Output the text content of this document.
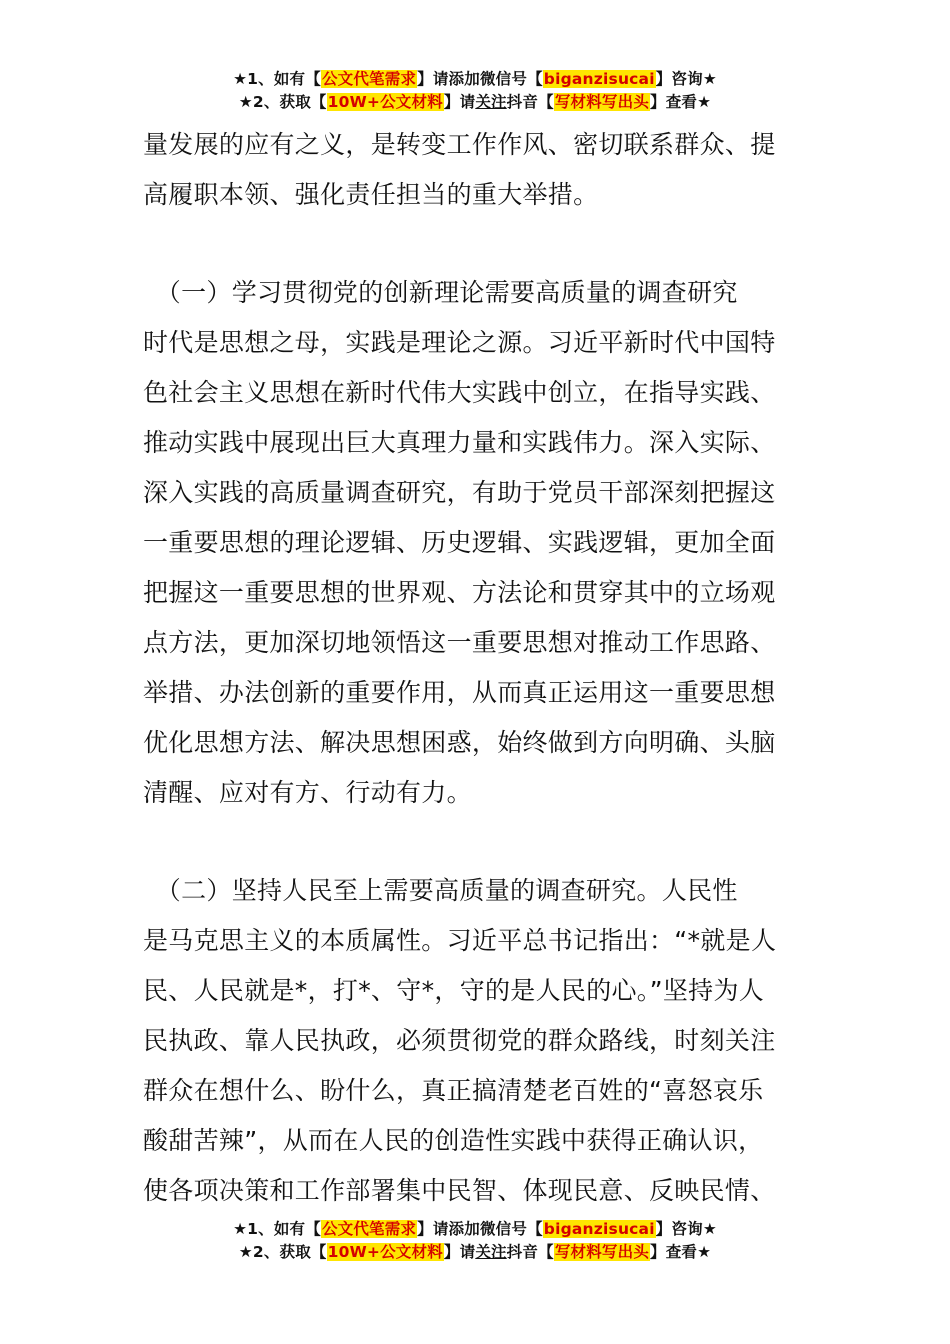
★1、如有【公文代笔需求】请添加微信号【biganzisucai】咨询★
★2、获取【10W+公文材料】请关注抖音【写材料写出头】查看★
量发展的应有之义，是转变工作作风、密切联系群众、提
高履职本领、强化责任担当的重大举措。
　（一）学习贯彻党的创新理论需要高质量的调查研究
时代是思想之母，实践是理论之源。习近平新时代中国特
色社会主义思想在新时代伟大实践中创立，在指导实践、
推动实践中展现出巨大真理力量和实践伟力。深入实际、
深入实践的高质量调查研究，有助于党员干部深刻把握这
一重要思想的理论逻辑、历史逻辑、实践逻辑，更加全面
把握这一重要思想的世界观、方法论和贯穿其中的立场观
点方法，更加深切地领悟这一重要思想对推动工作思路、
举措、办法创新的重要作用，从而真正运用这一重要思想
优化思想方法、解决思想困惑，始终做到方向明确、头脑
清醒、应对有方、行动有力。
　（二）坚持人民至上需要高质量的调查研究。人民性
是马克思主义的本质属性。习近平总书记指出：“*就是人
民、人民就是*，打*、守*，守的是人民的心。”坚持为人
民执政、靠人民执政，必须贯彻党的群众路线，时刻关注
群众在想什么、盼什么，真正搞清楚老百姓的“喜怒哀乐
酸甜苦辣”，从而在人民的创造性实践中获得正确认识，
使各项决策和工作部署集中民智、体现民意、反映民情、
★1、如有【公文代笔需求】请添加微信号【biganzisucai】咨询★
★2、获取【10W+公文材料】请关注抖音【写材料写出头】查看★
